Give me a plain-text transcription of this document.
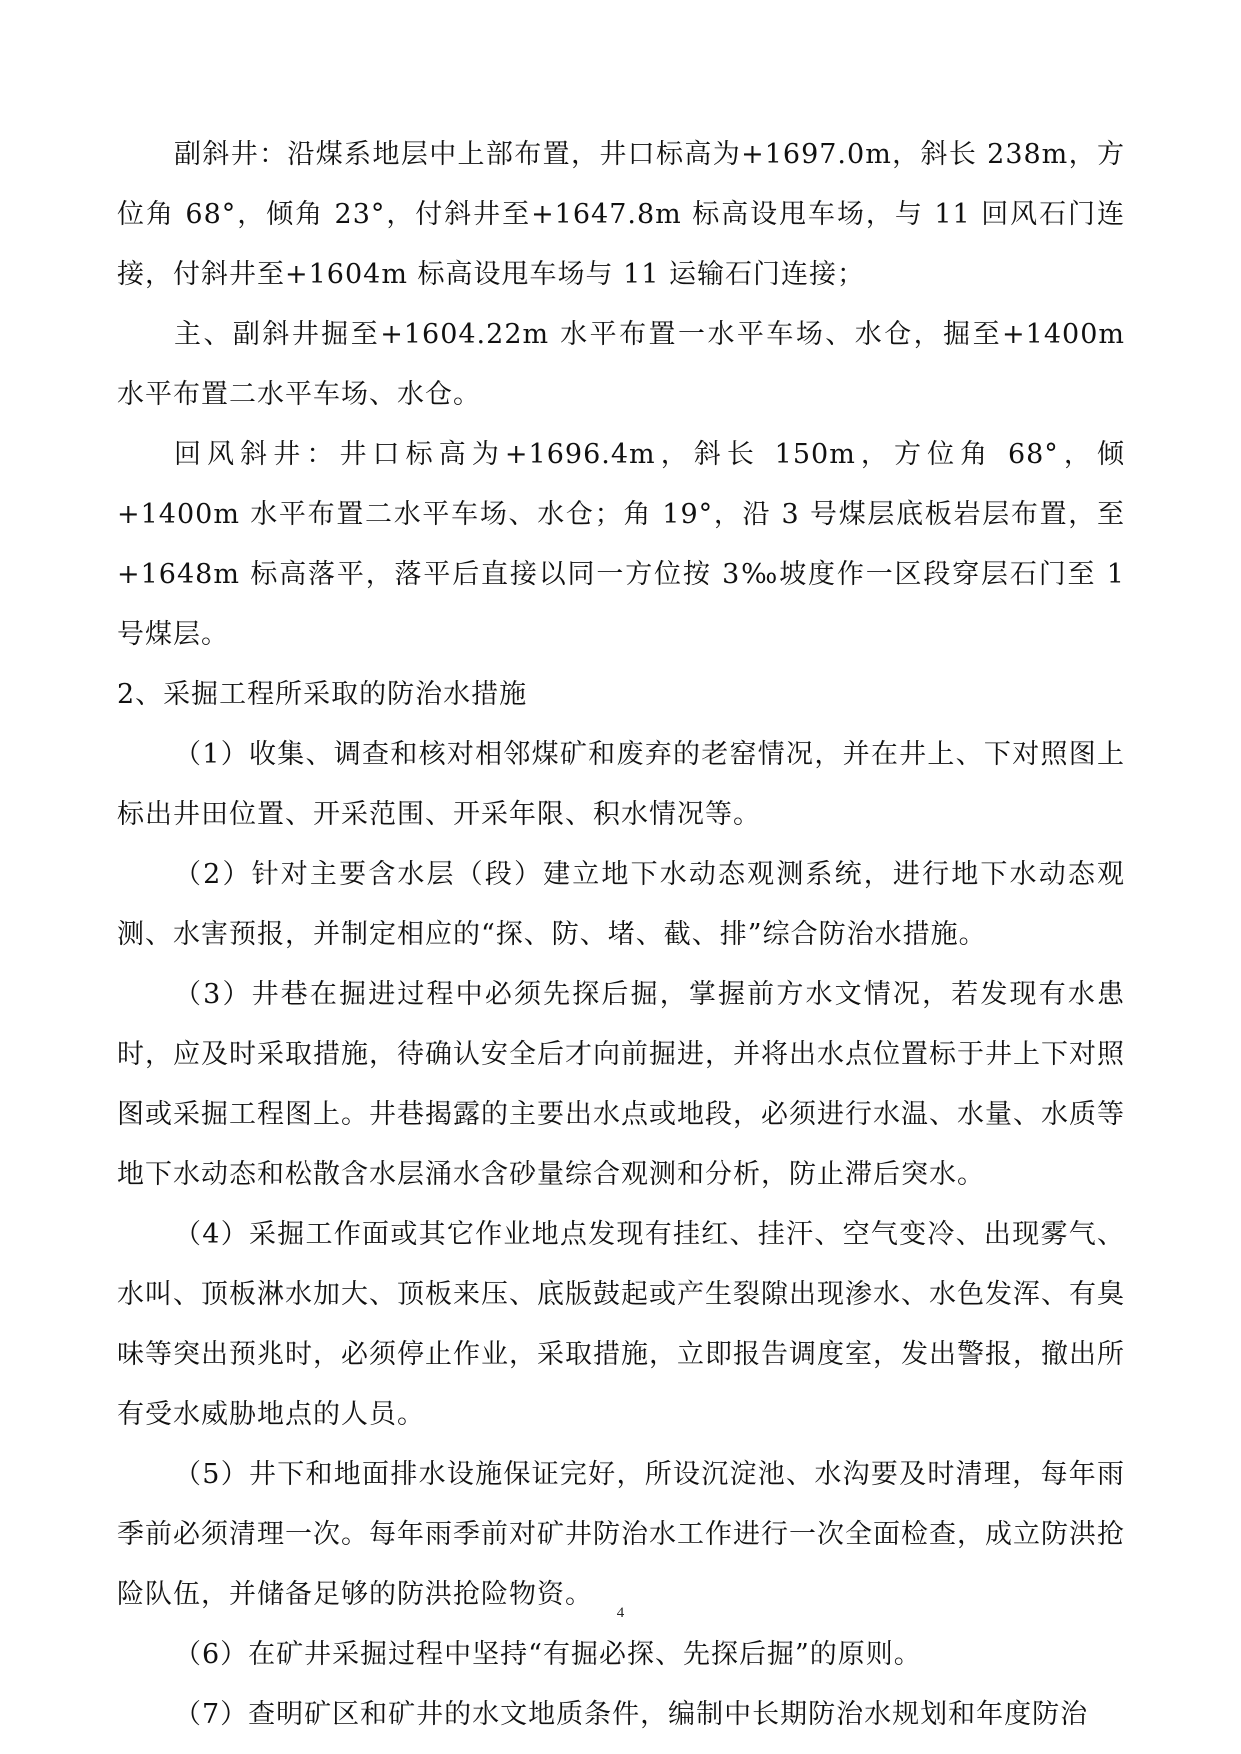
副斜井：沿煤系地层中上部布置，井口标高为+1697.0m，斜长 238m，方位角 68°，倾角 23°，付斜井至+1647.8m 标高设甩车场，与 11 回风石门连接，付斜井至+1604m 标高设甩车场与 11 运输石门连接；

主、副斜井掘至+1604.22m 水平布置一水平车场、水仓，掘至+1400m 水平布置二水平车场、水仓。

回风斜井：井口标高为+1696.4m，斜长 150m，方位角 68°，倾+1400m 水平布置二水平车场、水仓；角 19°，沿 3 号煤层底板岩层布置，至+1648m 标高落平，落平后直接以同一方位按 3‰坡度作一区段穿层石门至 1 号煤层。

2、采掘工程所采取的防治水措施

（1）收集、调查和核对相邻煤矿和废弃的老窑情况，并在井上、下对照图上标出井田位置、开采范围、开采年限、积水情况等。

（2）针对主要含水层（段）建立地下水动态观测系统，进行地下水动态观测、水害预报，并制定相应的“探、防、堵、截、排”综合防治水措施。

（3）井巷在掘进过程中必须先探后掘，掌握前方水文情况，若发现有水患时，应及时采取措施，待确认安全后才向前掘进，并将出水点位置标于井上下对照图或采掘工程图上。井巷揭露的主要出水点或地段，必须进行水温、水量、水质等地下水动态和松散含水层涌水含砂量综合观测和分析，防止滞后突水。

（4）采掘工作面或其它作业地点发现有挂红、挂汗、空气变冷、出现雾气、水叫、顶板淋水加大、顶板来压、底版鼓起或产生裂隙出现渗水、水色发浑、有臭味等突出预兆时，必须停止作业，采取措施，立即报告调度室，发出警报，撤出所有受水威胁地点的人员。

（5）井下和地面排水设施保证完好，所设沉淀池、水沟要及时清理，每年雨季前必须清理一次。每年雨季前对矿井防治水工作进行一次全面检查，成立防洪抢险队伍，并储备足够的防洪抢险物资。

（6）在矿井采掘过程中坚持“有掘必探、先探后掘”的原则。

（7）查明矿区和矿井的水文地质条件，编制中长期防治水规划和年度防治

4
